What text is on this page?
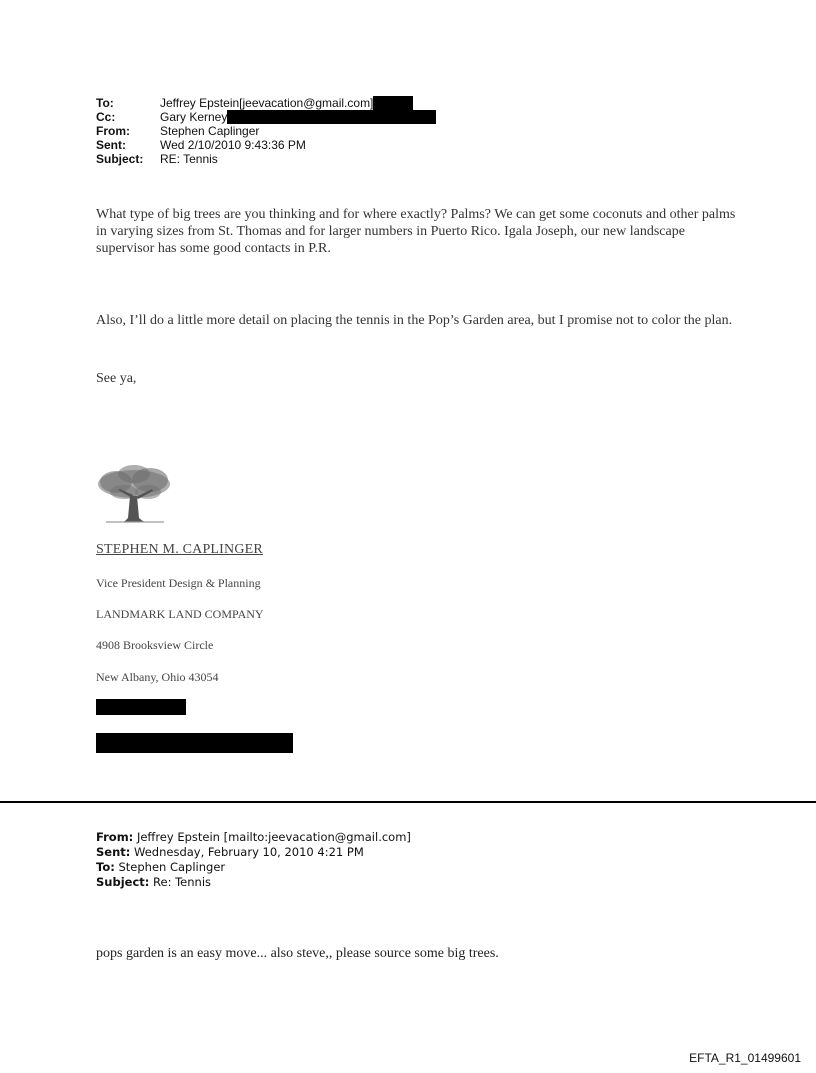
To:	Jeffrey Epstein[jeevacation@gmail.com]
Cc:	Gary Kerney
From:	Stephen Caplinger
Sent:	Wed 2/10/2010 9:43:36 PM
Subject:	RE: Tennis
What type of big trees are you thinking and for where exactly? Palms? We can get some coconuts and other palms in varying sizes from St. Thomas and for larger numbers in Puerto Rico. Igala Joseph, our new landscape supervisor has some good contacts in P.R.
Also, I’ll do a little more detail on placing the tennis in the Pop’s Garden area, but I promise not to color the plan.
See ya,
STEPHEN M. CAPLINGER
Vice President Design & Planning
LANDMARK LAND COMPANY
4908 Brooksview Circle
New Albany, Ohio 43054
From: Jeffrey Epstein [mailto:jeevacation@gmail.com]
Sent: Wednesday, February 10, 2010 4:21 PM
To: Stephen Caplinger
Subject: Re: Tennis
pops garden is an easy move... also steve,, please source some big trees.
EFTA_R1_01499601
